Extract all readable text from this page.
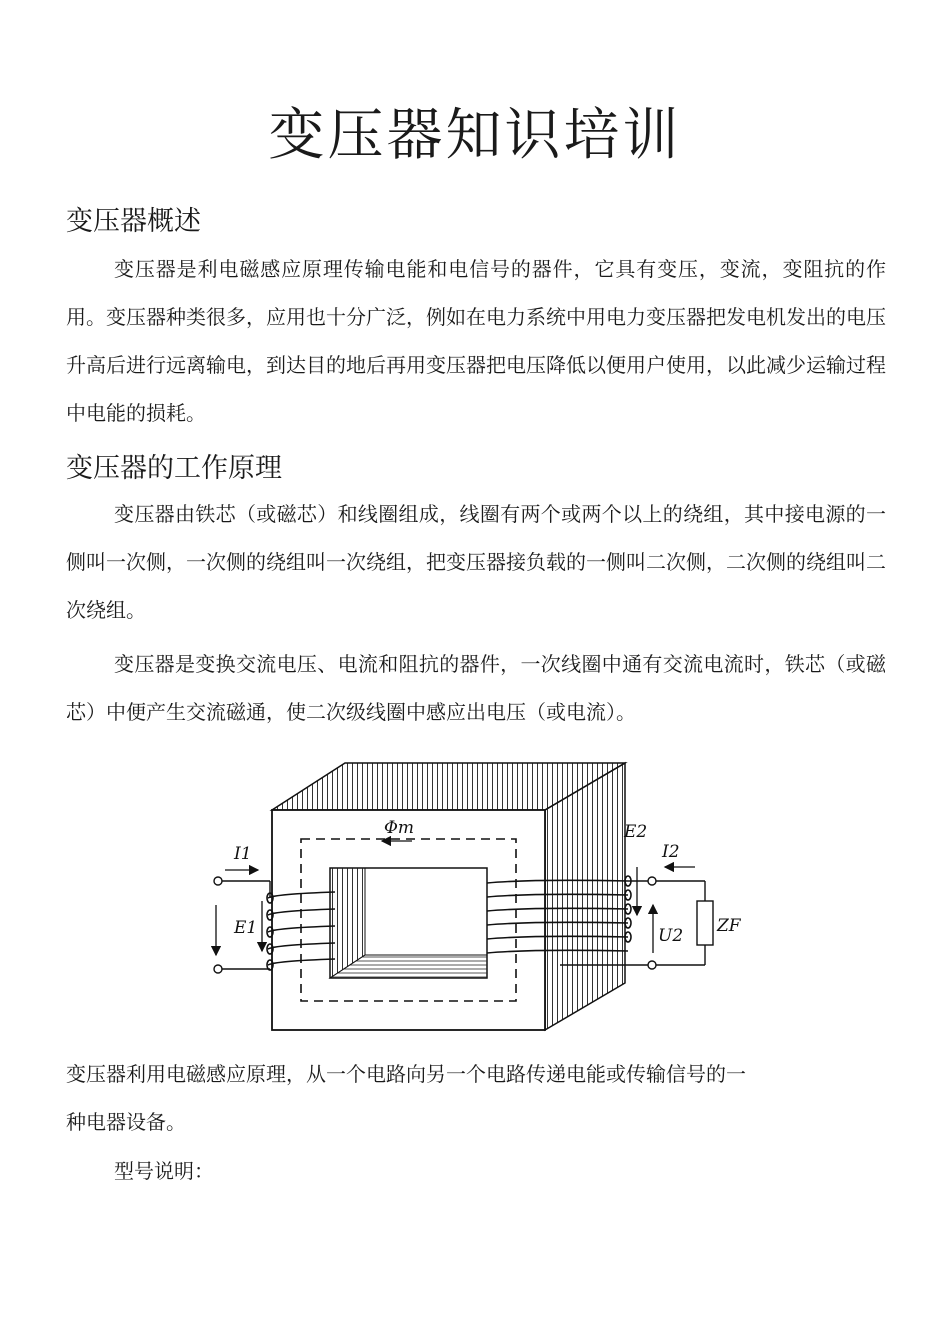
变压器知识培训
变压器概述

变压器是利电磁感应原理传输电能和电信号的器件，它具有变压，变流，变阻抗的作用。变压器种类很多，应用也十分广泛，例如在电力系统中用电力变压器把发电机发出的电压升高后进行远离输电，到达目的地后再用变压器把电压降低以便用户使用，以此减少运输过程中电能的损耗。

变压器的工作原理

变压器由铁芯（或磁芯）和线圈组成，线圈有两个或两个以上的绕组，其中接电源的一侧叫一次侧，一次侧的绕组叫一次绕组，把变压器接负载的一侧叫二次侧，二次侧的绕组叫二次绕组。

变压器是变换交流电压、电流和阻抗的器件，一次线圈中通有交流电流时，铁芯（或磁芯）中便产生交流磁通，使二次级线圈中感应出电压（或电流）。

Φm
I1
E1
E2
I2
U2 ZF

变压器利用电磁感应原理，从一个电路向另一个电路传递电能或传输信号的一

种电器设备。

型号说明：
